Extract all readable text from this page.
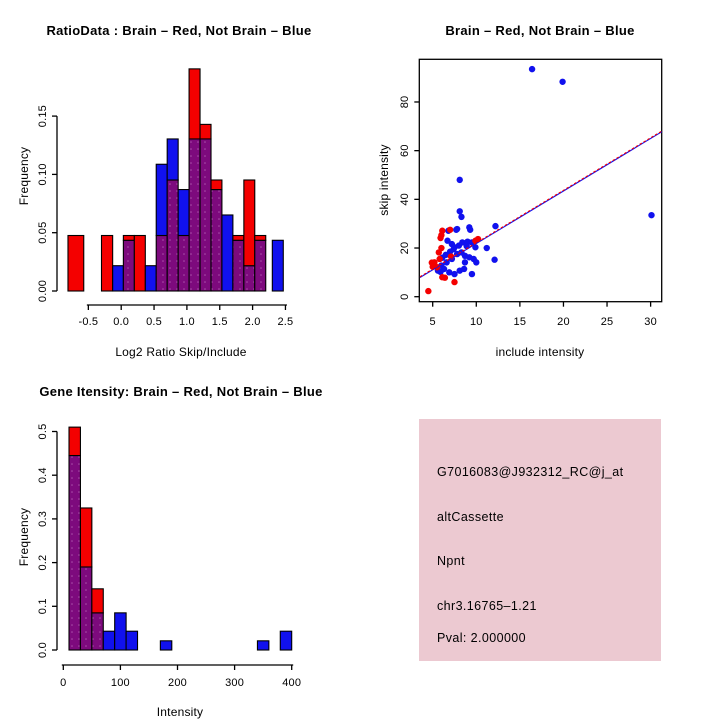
RatioData : Brain – Red, Not Brain – Blue
0.00
0.05
0.10
0.15
Frequency
-0.5 0.0 0.5 1.0 1.5 2.0 2.5
Log2 Ratio Skip/Include
Brain – Red, Not Brain – Blue
5	10	15	20	25	30
include intensity
0
20
40
60
80
skip intensity
Gene Itensity: Brain – Red, Not Brain – Blue
0.0
0.1
0.2
0.3
0.4
0.5
Frequency
0	100	200	300	400
Intensity
G7016083@J932312_RC@j_at
altCassette
Npnt
chr3.16765–1.21
Pval: 2.000000
